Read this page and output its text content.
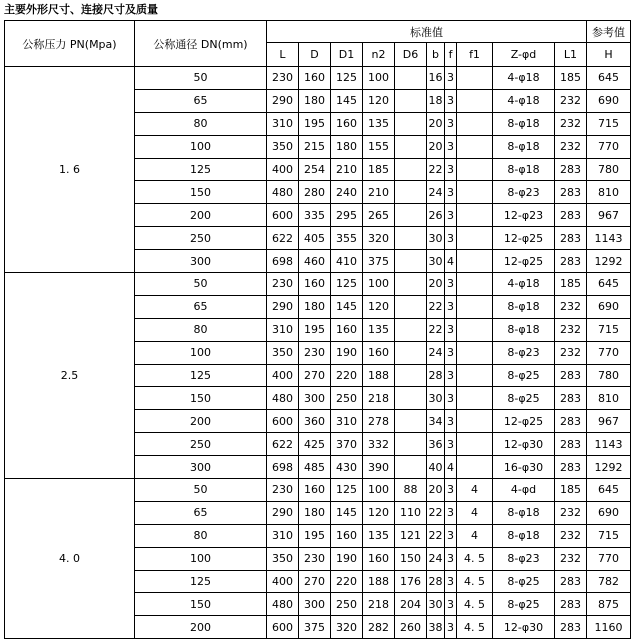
主要外形尺寸、连接尺寸及质量
公称压力 PN(Mpa)	公称通径 DN(mm)	标准值										参考值
		L	D	D1	n2	D6	b	f	f1	Z-φd	L1	H
1. 6	50	230	160	125	100		16	3		4-φ18	185	645
	65	290	180	145	120		18	3		4-φ18	232	690
	80	310	195	160	135		20	3		8-φ18	232	715
	100	350	215	180	155		20	3		8-φ18	232	770
	125	400	254	210	185		22	3		8-φ18	283	780
	150	480	280	240	210		24	3		8-φ23	283	810
	200	600	335	295	265		26	3		12-φ23	283	967
	250	622	405	355	320		30	3		12-φ25	283	1143
	300	698	460	410	375		30	4		12-φ25	283	1292
2.5	50	230	160	125	100		20	3		4-φ18	185	645
	65	290	180	145	120		22	3		8-φ18	232	690
	80	310	195	160	135		22	3		8-φ18	232	715
	100	350	230	190	160		24	3		8-φ23	232	770
	125	400	270	220	188		28	3		8-φ25	283	780
	150	480	300	250	218		30	3		8-φ25	283	810
	200	600	360	310	278		34	3		12-φ25	283	967
	250	622	425	370	332		36	3		12-φ30	283	1143
	300	698	485	430	390		40	4		16-φ30	283	1292
4. 0	50	230	160	125	100	88	20	3	4	4-φd	185	645
	65	290	180	145	120	110	22	3	4	8-φ18	232	690
	80	310	195	160	135	121	22	3	4	8-φ18	232	715
	100	350	230	190	160	150	24	3	4. 5	8-φ23	232	770
	125	400	270	220	188	176	28	3	4. 5	8-φ25	283	782
	150	480	300	250	218	204	30	3	4. 5	8-φ25	283	875
	200	600	375	320	282	260	38	3	4. 5	12-φ30	283	1160
